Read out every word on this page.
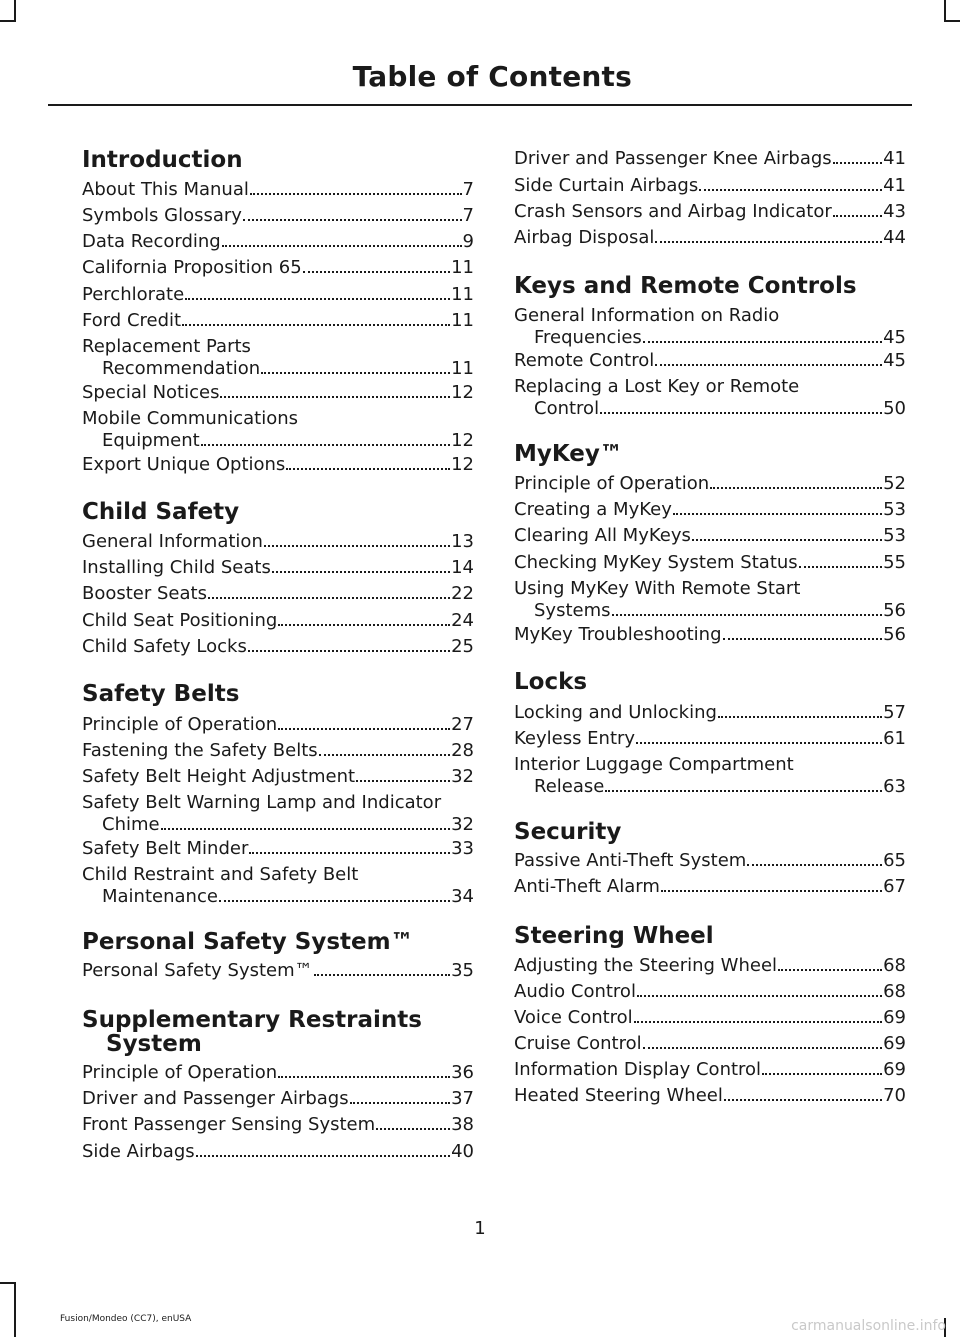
Table of Contents
Introduction
About This Manual	7
Symbols Glossary	7
Data Recording	9
California Proposition 65	11
Perchlorate	11
Ford Credit	11
Replacement Parts
Recommendation	11
Special Notices	12
Mobile Communications
Equipment	12
Export Unique Options	12
Child Safety
General Information	13
Installing Child Seats	14
Booster Seats	22
Child Seat Positioning	24
Child Safety Locks	25
Safety Belts
Principle of Operation	27
Fastening the Safety Belts	28
Safety Belt Height Adjustment	32
Safety Belt Warning Lamp and Indicator
Chime	32
Safety Belt Minder	33
Child Restraint and Safety Belt
Maintenance	34
Personal Safety System™
Personal Safety System™	35
Supplementary Restraints
System
Principle of Operation	36
Driver and Passenger Airbags	37
Front Passenger Sensing System	38
Side Airbags	40
Driver and Passenger Knee Airbags	41
Side Curtain Airbags	41
Crash Sensors and Airbag Indicator	43
Airbag Disposal	44
Keys and Remote Controls
General Information on Radio
Frequencies	45
Remote Control	45
Replacing a Lost Key or Remote
Control	50
MyKey™
Principle of Operation	52
Creating a MyKey	53
Clearing All MyKeys	53
Checking MyKey System Status	55
Using MyKey With Remote Start
Systems	56
MyKey Troubleshooting	56
Locks
Locking and Unlocking	57
Keyless Entry	61
Interior Luggage Compartment
Release	63
Security
Passive Anti-Theft System	65
Anti-Theft Alarm	67
Steering Wheel
Adjusting the Steering Wheel	68
Audio Control	68
Voice Control	69
Cruise Control	69
Information Display Control	69
Heated Steering Wheel	70
1
Fusion/Mondeo (CC7), enUSA	carmanualsonline.info
